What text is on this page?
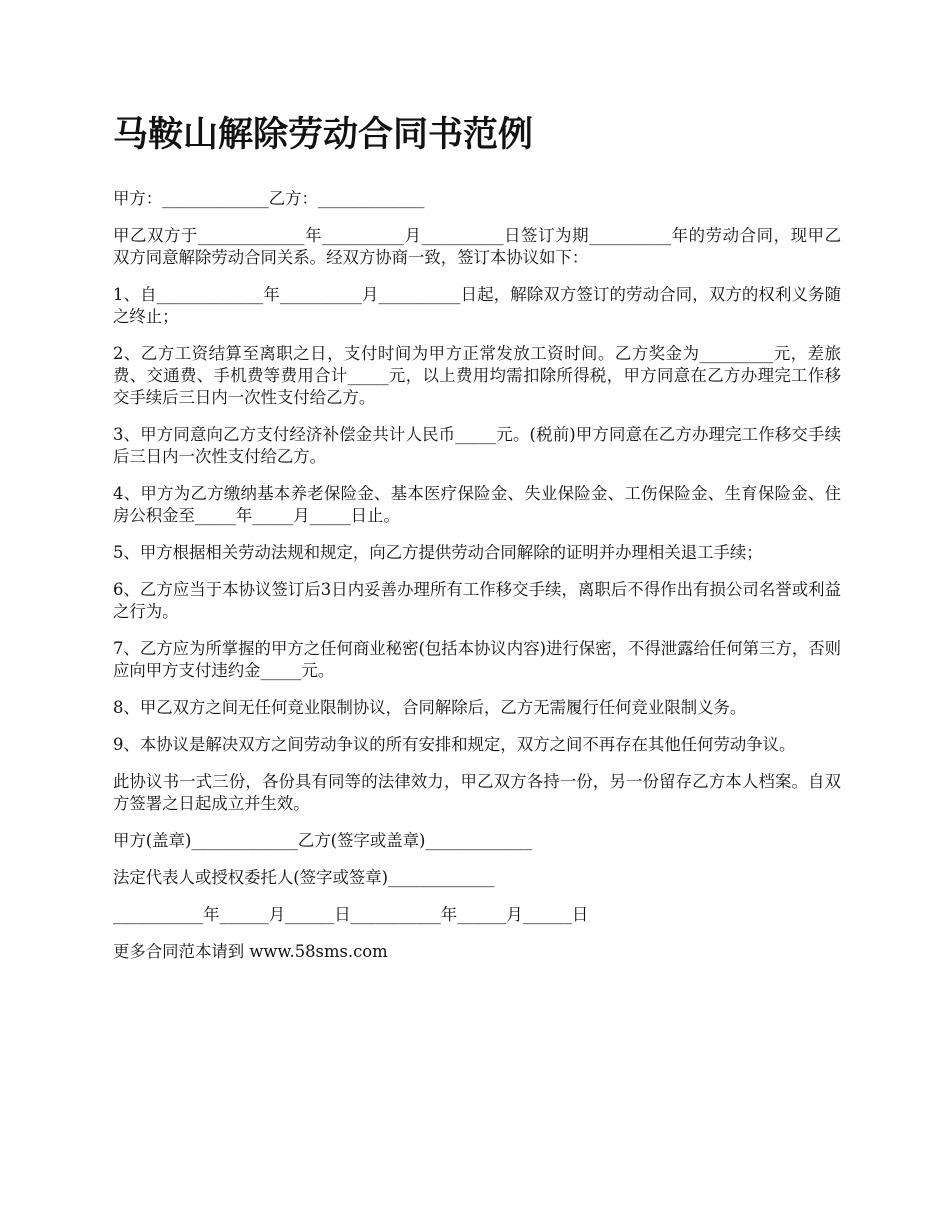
马鞍山解除劳动合同书范例

甲方：_____________乙方：_____________

甲乙双方于_____________年__________月__________日签订为期__________年的劳动合同，现甲乙双方同意解除劳动合同关系。经双方协商一致，签订本协议如下：

1、自_____________年__________月__________日起，解除双方签订的劳动合同，双方的权利义务随之终止；

2、乙方工资结算至离职之日，支付时间为甲方正常发放工资时间。乙方奖金为_________元，差旅费、交通费、手机费等费用合计_____元，以上费用均需扣除所得税，甲方同意在乙方办理完工作移交手续后三日内一次性支付给乙方。

3、甲方同意向乙方支付经济补偿金共计人民币_____元。(税前)甲方同意在乙方办理完工作移交手续后三日内一次性支付给乙方。

4、甲方为乙方缴纳基本养老保险金、基本医疗保险金、失业保险金、工伤保险金、生育保险金、住房公积金至_____年_____月_____日止。

5、甲方根据相关劳动法规和规定，向乙方提供劳动合同解除的证明并办理相关退工手续；

6、乙方应当于本协议签订后3日内妥善办理所有工作移交手续，离职后不得作出有损公司名誉或利益之行为。

7、乙方应为所掌握的甲方之任何商业秘密(包括本协议内容)进行保密，不得泄露给任何第三方，否则应向甲方支付违约金_____元。

8、甲乙双方之间无任何竞业限制协议，合同解除后，乙方无需履行任何竞业限制义务。

9、本协议是解决双方之间劳动争议的所有安排和规定，双方之间不再存在其他任何劳动争议。

此协议书一式三份，各份具有同等的法律效力，甲乙双方各持一份，另一份留存乙方本人档案。自双方签署之日起成立并生效。

甲方(盖章)_____________乙方(签字或盖章)_____________

法定代表人或授权委托人(签字或签章)_____________

___________年______月______日___________年______月______日

更多合同范本请到 www.58sms.com
